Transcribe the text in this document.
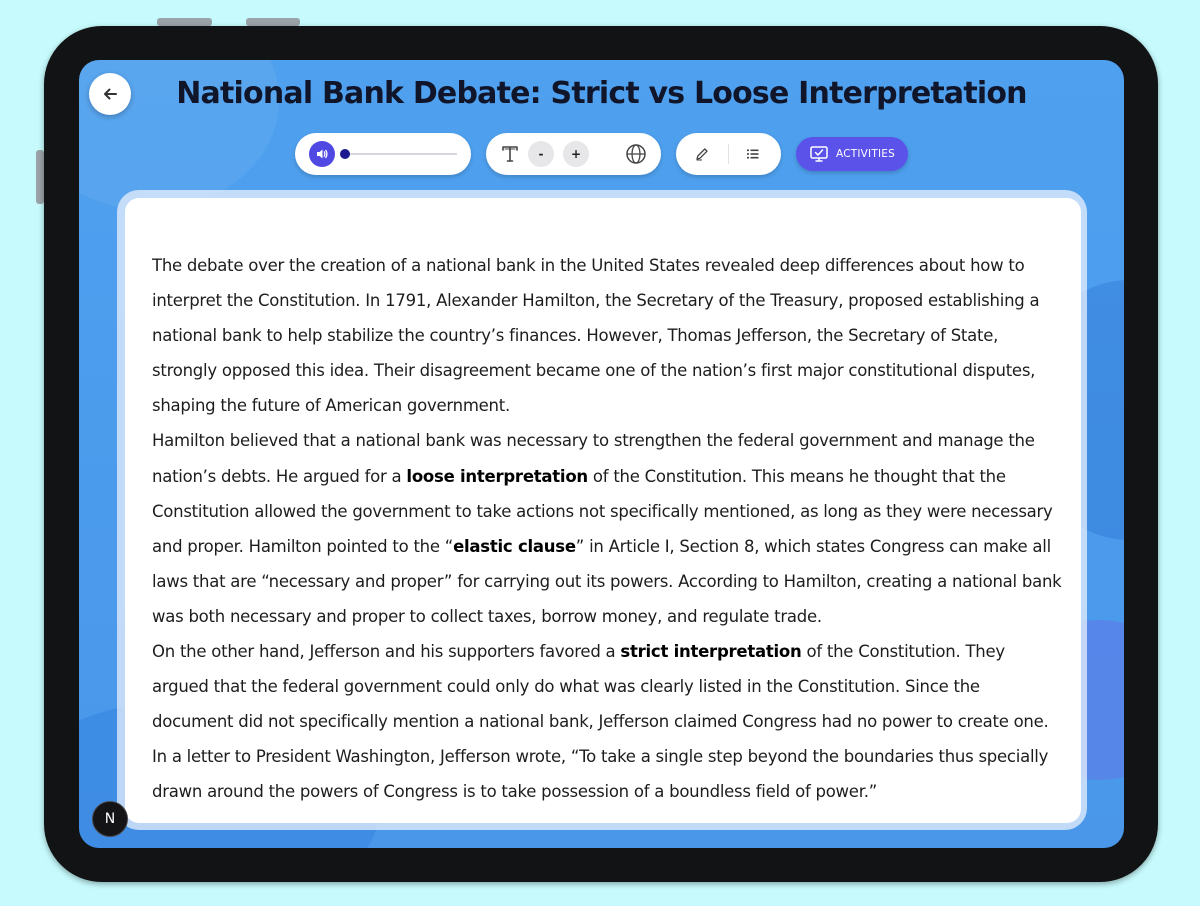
National Bank Debate: Strict vs Loose Interpretation
-	+	ACTIVITIES

The debate over the creation of a national bank in the United States revealed deep differences about how to interpret the Constitution. In 1791, Alexander Hamilton, the Secretary of the Treasury, proposed establishing a national bank to help stabilize the country’s finances. However, Thomas Jefferson, the Secretary of State, strongly opposed this idea. Their disagreement became one of the nation’s first major constitutional disputes, shaping the future of American government.

Hamilton believed that a national bank was necessary to strengthen the federal government and manage the nation’s debts. He argued for a loose interpretation of the Constitution. This means he thought that the Constitution allowed the government to take actions not specifically mentioned, as long as they were necessary and proper. Hamilton pointed to the “elastic clause” in Article I, Section 8, which states Congress can make all laws that are “necessary and proper” for carrying out its powers. According to Hamilton, creating a national bank was both necessary and proper to collect taxes, borrow money, and regulate trade.

On the other hand, Jefferson and his supporters favored a strict interpretation of the Constitution. They argued that the federal government could only do what was clearly listed in the Constitution. Since the document did not specifically mention a national bank, Jefferson claimed Congress had no power to create one. In a letter to President Washington, Jefferson wrote, “To take a single step beyond the boundaries thus specially drawn around the powers of Congress is to take possession of a boundless field of power.”

N
